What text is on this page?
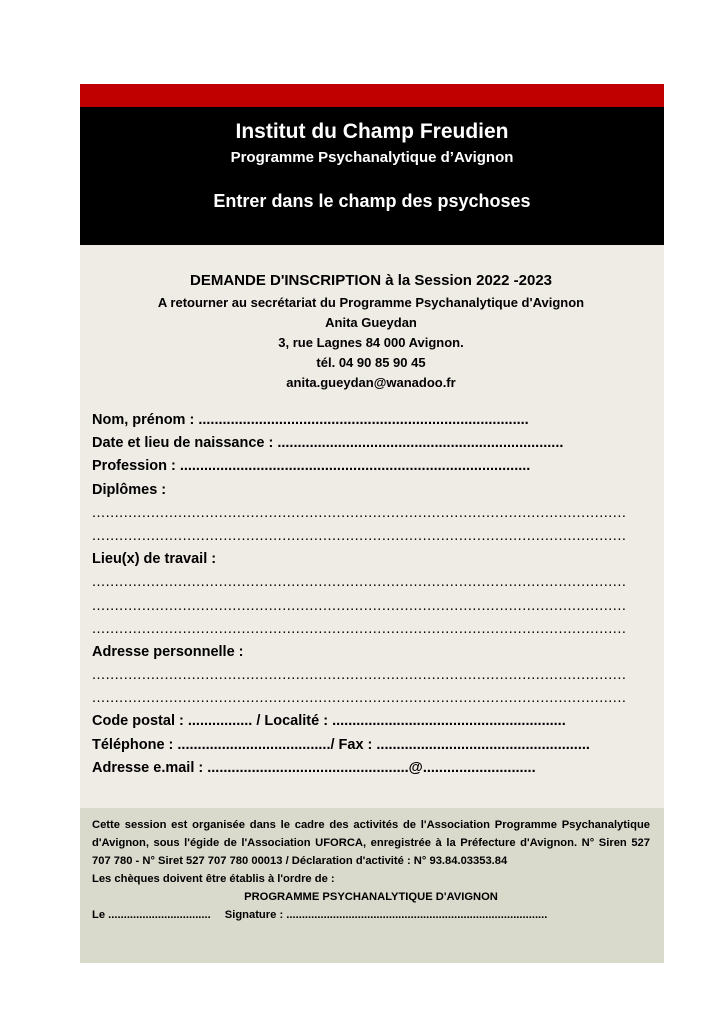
Institut du Champ Freudien
Programme Psychanalytique d’Avignon
Entrer dans le champ des psychoses
DEMANDE D'INSCRIPTION à la Session 2022 -2023
A retourner au secrétariat du Programme Psychanalytique d'Avignon
Anita Gueydan
3, rue Lagnes 84 000 Avignon.
tél. 04 90 85 90 45
anita.gueydan@wanadoo.fr
Nom, prénom : ..................................................................................
Date et lieu de naissance : .......................................................................
Profession : .......................................................................................
Diplômes :
......................................................................................................................
......................................................................................................................
Lieu(x) de travail :
......................................................................................................................
......................................................................................................................
......................................................................................................................
Adresse personnelle :
......................................................................................................................
......................................................................................................................
Code postal : ................ / Localité : ..........................................................
Téléphone : ....................................../ Fax : .....................................................
Adresse e.mail : ..................................................@............................
Cette session est organisée dans le cadre des activités de l'Association Programme Psychanalytique d'Avignon, sous l'égide de l'Association UFORCA, enregistrée à la Préfecture d'Avignon. N° Siren 527 707 780 - N° Siret 527 707 780 00013 / Déclaration d'activité : N° 93.84.03353.84
Les chèques doivent être établis à l'ordre de :
PROGRAMME PSYCHANALYTIQUE D'AVIGNON
Le ................................. Signature : ....................................................................................
